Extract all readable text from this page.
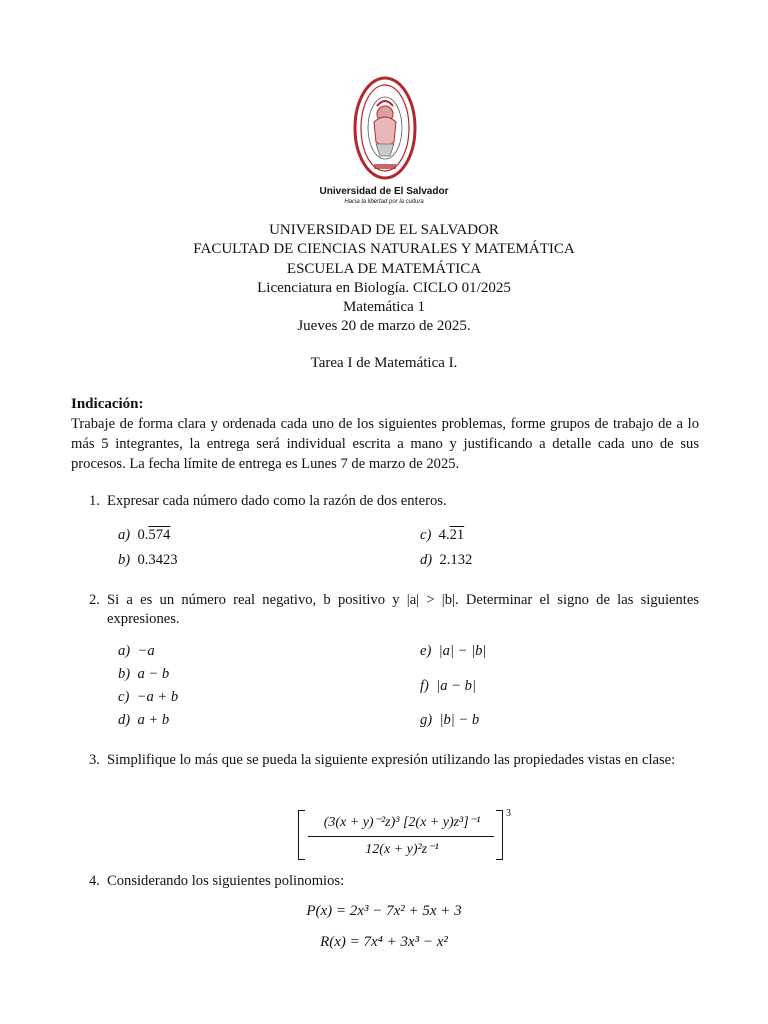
Universidad de El Salvador
Hacia la libertad por la cultura
UNIVERSIDAD DE EL SALVADOR
FACULTAD DE CIENCIAS NATURALES Y MATEMÁTICA
ESCUELA DE MATEMÁTICA
Licenciatura en Biología. CICLO 01/2025
Matemática 1
Jueves 20 de marzo de 2025.
Tarea I de Matemática I.
Indicación:
Trabaje de forma clara y ordenada cada uno de los siguientes problemas, forme grupos de trabajo de a lo más 5 integrantes, la entrega será individual escrita a mano y justificando a detalle cada uno de sus procesos. La fecha límite de entrega es Lunes 7 de marzo de 2025.
1. Expresar cada número dado como la razón de dos enteros.
a) 0.574
b) 0.3423
c) 4.21
d) 2.132
2. Si a es un número real negativo, b positivo y |a| > |b|. Determinar el signo de las siguientes expresiones.
a) −a
b) a − b
c) −a + b
d) a + b
e) |a| − |b|
f) |a − b|
g) |b| − b
3. Simplifique lo más que se pueda la siguiente expresión utilizando las propiedades vistas en clase:
(3(x + y)⁻²z)³ [2(x + y)z³]⁻¹
12(x + y)²z⁻¹
3
4. Considerando los siguientes polinomios:
P(x) = 2x³ − 7x² + 5x + 3
R(x) = 7x⁴ + 3x³ − x²
